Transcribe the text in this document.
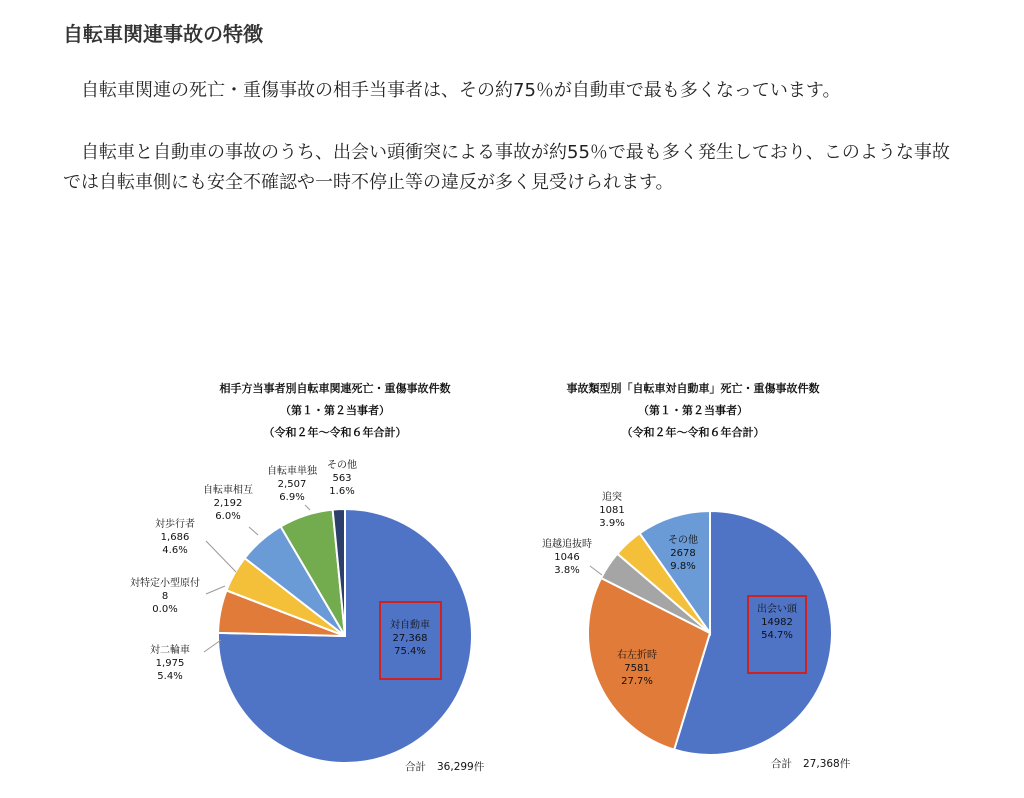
自転車関連事故の特徴

　自転車関連の死亡・重傷事故の相手当事者は、その約75％が自動車で最も多くなっています。

　自転車と自動車の事故のうち、出会い頭衝突による事故が約55％で最も多く発生しており、このような事故では自転車側にも安全不確認や一時不停止等の違反が多く見受けられます。

相手方当事者別自転車関連死亡・重傷事故件数
（第１・第２当事者）
（令和２年～令和６年合計）
対自動車
27,368
75.4%
対二輪車
1,975
5.4%
対特定小型原付
8
0.0%
対歩行者
1,686
4.6%
自転車相互
2,192
6.0%
自転車単独
2,507
6.9%
その他
563
1.6%
合計 36,299件
事故類型別「自転車対自動車」死亡・重傷事故件数
（第１・第２当事者）
（令和２年～令和６年合計）
出会い頭
14982
54.7%
右左折時
7581
27.7%
追越追抜時
1046
3.8%
追突
1081
3.9%
その他
2678
9.8%
合計 27,368件
